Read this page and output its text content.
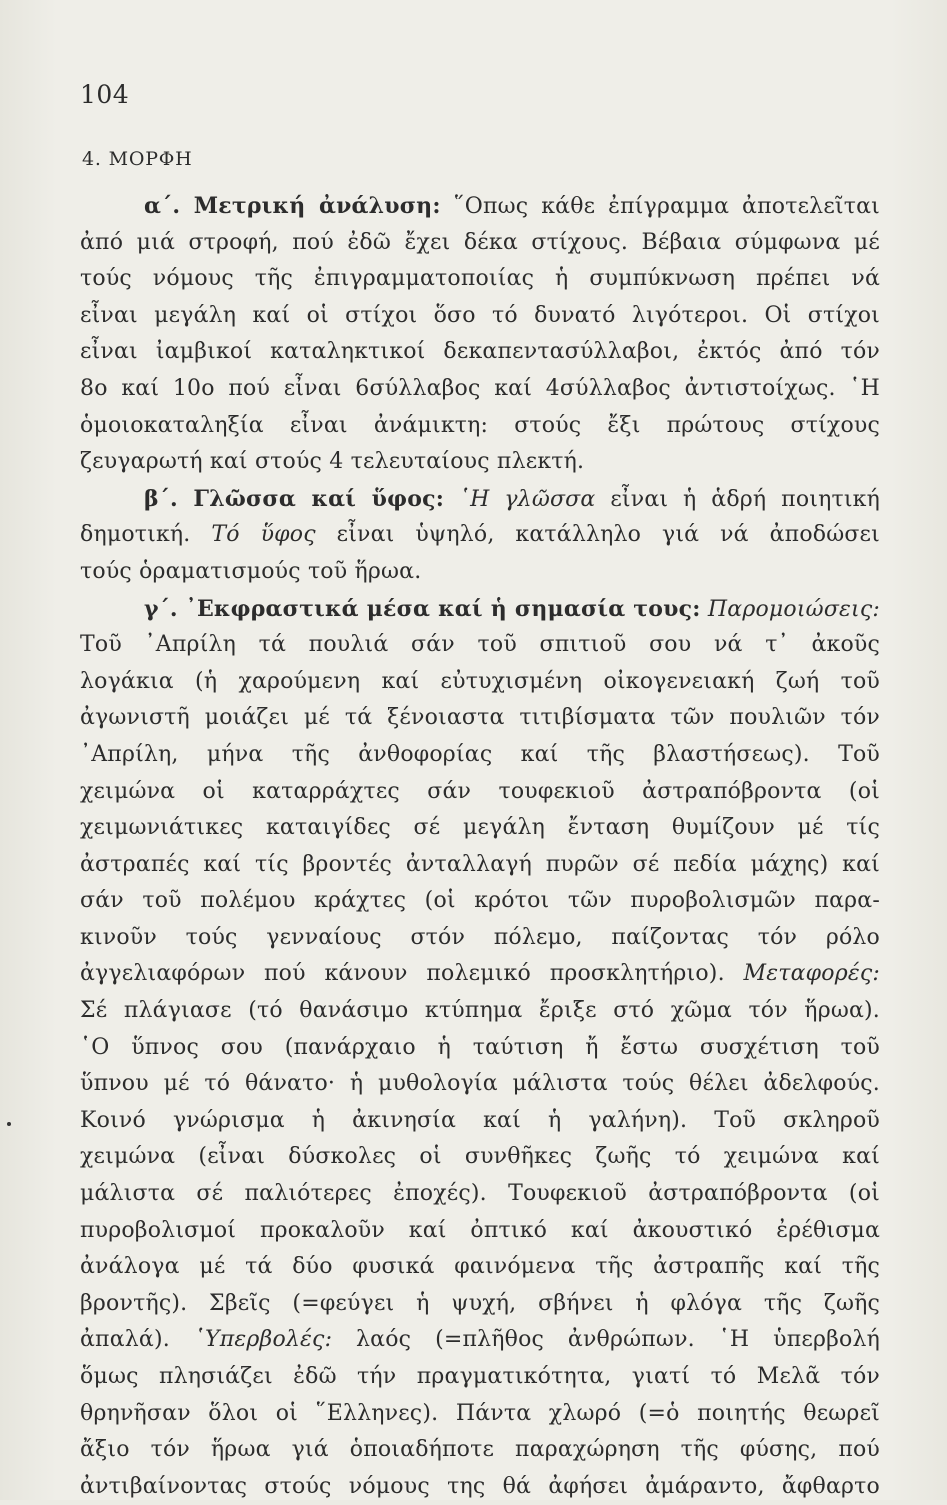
104
4. ΜΟΡΦΗ
α΄. Μετρική ἀνάλυση: ῞Οπως κάθε ἐπίγραμμα ἀποτελεῖται
ἀπό μιά στροφή, πού ἐδῶ ἔχει δέκα στίχους. Βέβαια σύμφωνα μέ
τούς νόμους τῆς ἐπιγραμματοποιίας ἡ συμπύκνωση πρέπει νά
εἶναι μεγάλη καί οἱ στίχοι ὅσο τό δυνατό λιγότεροι. Οἱ στίχοι
εἶναι ἰαμβικοί καταληκτικοί δεκαπεντασύλλαβοι, ἐκτός ἀπό τόν
8ο καί 10ο πού εἶναι 6σύλλαβος καί 4σύλλαβος ἀντιστοίχως. ῾Η
ὁμοιοκαταληξία εἶναι ἀνάμικτη: στούς ἔξι πρώτους στίχους
ζευγαρωτή καί στούς 4 τελευταίους πλεκτή.
β΄. Γλῶσσα καί ὕφος: ῾Η γλῶσσα εἶναι ἡ ἁδρή ποιητική
δημοτική. Τό ὕφος εἶναι ὑψηλό, κατάλληλο γιά νά ἀποδώσει
τούς ὁραματισμούς τοῦ ἥρωα.
γ΄. ᾽Εκφραστικά μέσα καί ἡ σημασία τους: Παρομοιώσεις:
Τοῦ ᾽Απρίλη τά πουλιά σάν τοῦ σπιτιοῦ σου νά τ᾽ ἀκοῦς
λογάκια (ἡ χαρούμενη καί εὐτυχισμένη οἰκογενειακή ζωή τοῦ
ἀγωνιστῆ μοιάζει μέ τά ξένοιαστα τιτιβίσματα τῶν πουλιῶν τόν
᾽Απρίλη, μήνα τῆς ἀνθοφορίας καί τῆς βλαστήσεως). Τοῦ
χειμώνα οἱ καταρράχτες σάν τουφεκιοῦ ἀστραπόβροντα (οἱ
χειμωνιάτικες καταιγίδες σέ μεγάλη ἔνταση θυμίζουν μέ τίς
ἀστραπές καί τίς βροντές ἀνταλλαγή πυρῶν σέ πεδία μάχης) καί
σάν τοῦ πολέμου κράχτες (οἱ κρότοι τῶν πυροβολισμῶν παρα-
κινοῦν τούς γενναίους στόν πόλεμο, παίζοντας τόν ρόλο
ἀγγελιαφόρων πού κάνουν πολεμικό προσκλητήριο). Μεταφορές:
Σέ πλάγιασε (τό θανάσιμο κτύπημα ἔριξε στό χῶμα τόν ἥρωα).
῾Ο ὕπνος σου (πανάρχαιο ἡ ταύτιση ἤ ἔστω συσχέτιση τοῦ
ὕπνου μέ τό θάνατο· ἡ μυθολογία μάλιστα τούς θέλει ἀδελφούς.
Κοινό γνώρισμα ἡ ἀκινησία καί ἡ γαλήνη). Τοῦ σκληροῦ
χειμώνα (εἶναι δύσκολες οἱ συνθῆκες ζωῆς τό χειμώνα καί
μάλιστα σέ παλιότερες ἐποχές). Τουφεκιοῦ ἀστραπόβροντα (οἱ
πυροβολισμοί προκαλοῦν καί ὀπτικό καί ἀκουστικό ἐρέθισμα
ἀνάλογα μέ τά δύο φυσικά φαινόμενα τῆς ἀστραπῆς καί τῆς
βροντῆς). Σβεῖς (=φεύγει ἡ ψυχή, σβήνει ἡ φλόγα τῆς ζωῆς
ἀπαλά). ῾Υπερβολές: λαός (=πλῆθος ἀνθρώπων. ῾Η ὑπερβολή
ὅμως πλησιάζει ἐδῶ τήν πραγματικότητα, γιατί τό Μελᾶ τόν
θρηνῆσαν ὅλοι οἱ ῞Ελληνες). Πάντα χλωρό (=ὁ ποιητής θεωρεῖ
ἄξιο τόν ἥρωα γιά ὁποιαδήποτε παραχώρηση τῆς φύσης, πού
ἀντιβαίνοντας στούς νόμους της θά ἀφήσει ἀμάραντο, ἄφθαρτο
